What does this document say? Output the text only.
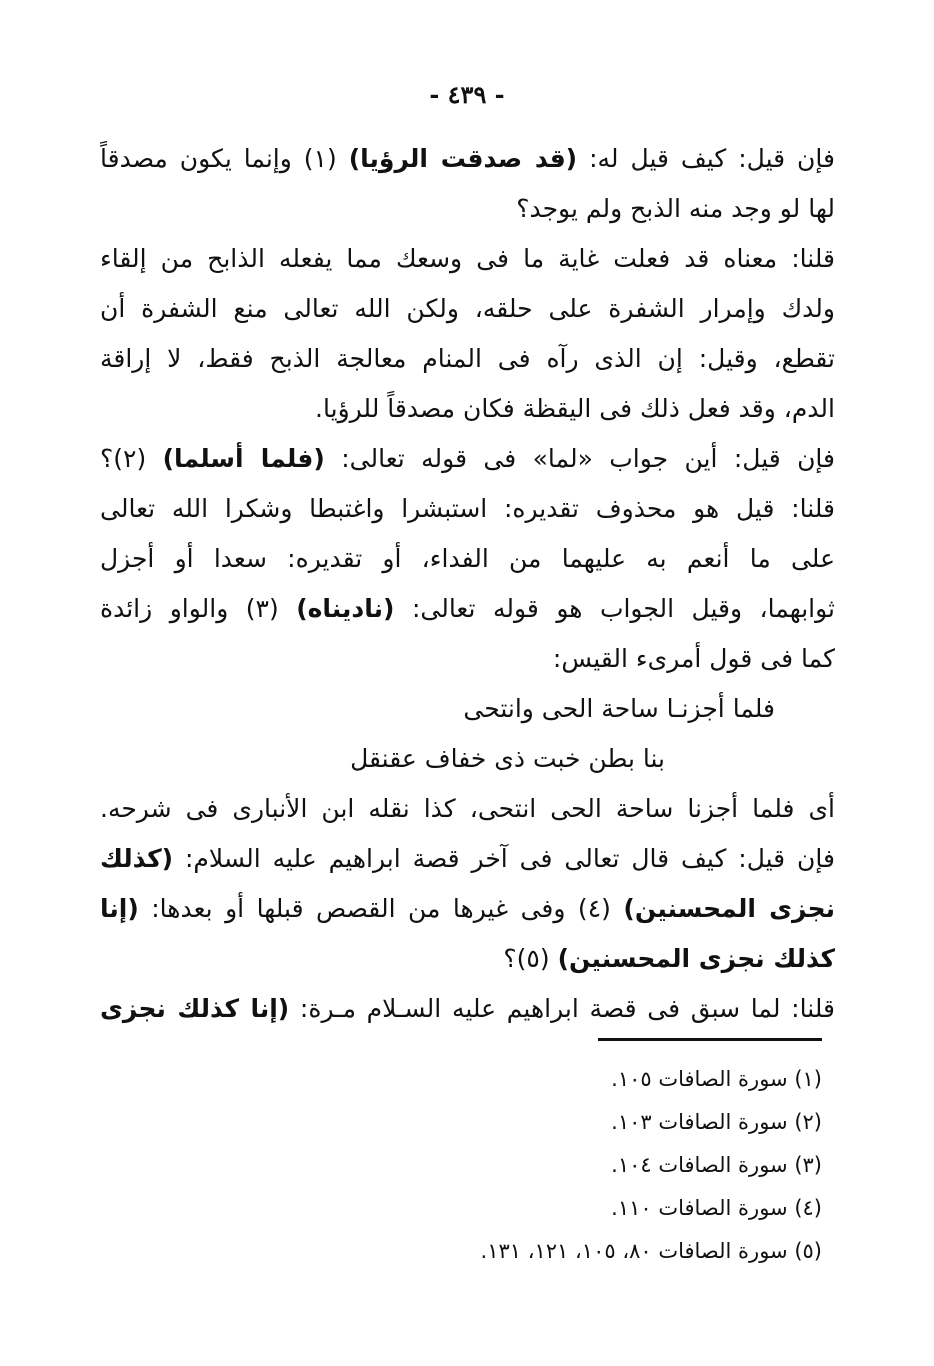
- ٤٣٩ -
فإن قيل: كيف قيل له: (قد صدقت الرؤيا) (١) وإنما يكون مصدقاً
لها لو وجد منه الذبح ولم يوجد؟
قلنا: معناه قد فعلت غاية ما فى وسعك مما يفعله الذابح من إلقاء
ولدك وإمرار الشفرة على حلقه، ولكن الله تعالى منع الشفرة أن
تقطع، وقيل: إن الذى رآه فى المنام معالجة الذبح فقط، لا إراقة
الدم، وقد فعل ذلك فى اليقظة فكان مصدقاً للرؤيا.
فإن قيل: أين جواب «لما» فى قوله تعالى: (فلما أسلما) (٢)؟
قلنا: قيل هو محذوف تقديره: استبشرا واغتبطا وشكرا الله تعالى
على ما أنعم به عليهما من الفداء، أو تقديره: سعدا أو أجزل
ثوابهما، وقيل الجواب هو قوله تعالى: (ناديناه) (٣) والواو زائدة
كما فى قول أمرىء القيس:
فلما أجزنـا ساحة الحى وانتحى
بنا بطن خبت ذى خفاف عقنقل
أى فلما أجزنا ساحة الحى انتحى، كذا نقله ابن الأنبارى فى شرحه.
فإن قيل: كيف قال تعالى فى آخر قصة ابراهيم عليه السلام: (كذلك
نجزى المحسنين) (٤) وفى غيرها من القصص قبلها أو بعدها: (إنا
كذلك نجزى المحسنين) (٥)؟
قلنا: لما سبق فى قصة ابراهيم عليه السـلام مـرة: (إنا كذلك نجزى
(١) سورة الصافات ١٠٥.
(٢) سورة الصافات ١٠٣.
(٣) سورة الصافات ١٠٤.
(٤) سورة الصافات ١١٠.
(٥) سورة الصافات ٨٠، ١٠٥، ١٢١، ١٣١.
